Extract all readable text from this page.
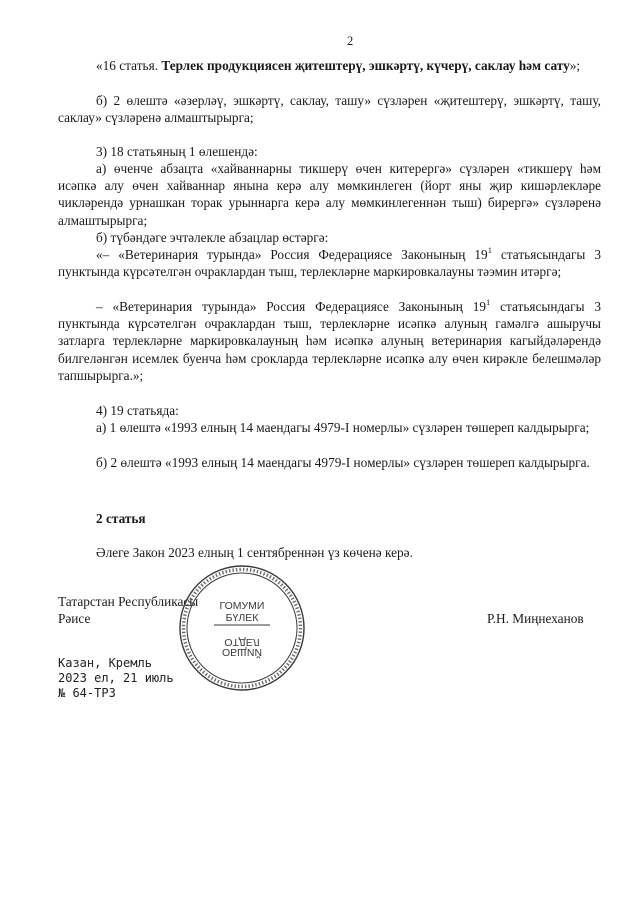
2

«16 статья. Терлек продукциясен җитештерү, эшкәртү, күчерү, саклау һәм сату»;

б) 2 өлештә «әзерләү, эшкәртү, саклау, ташу» сүзләрен «җитештерү, эшкәртү, ташу, саклау» сүзләренә алмаштырырга;

3) 18 статьяның 1 өлешендә:

а) өченче абзацта «хайваннарны тикшерү өчен китерергә» сүзләрен «тикшерү һәм исәпкә алу өчен хайваннар янына керә алу мөмкинлеген (йорт яны җир кишәрлекләре чикләрендә урнашкан торак урыннарга керә алу мөмкинлегеннән тыш) бирергә» сүзләренә алмаштырырга;

б) түбәндәге эчтәлекле абзацлар өстәргә:

«– «Ветеринария турында» Россия Федерациясе Законының $19^1$ статьясындагы 3 пунктында күрсәтелгән очраклардан тыш, терлекләрне маркировкалауны тәэмин итәргә;

– «Ветеринария турында» Россия Федерациясе Законының $19^1$ статьясындагы 3 пунктында күрсәтелгән очраклардан тыш, терлекләрне исәпкә алуның гамәлгә ашыручы затларга терлекләрне маркировкалауның һәм исәпкә алуның ветеринария кагыйдәләрендә билгеләнгән исемлек буенча һәм срокларда терлекләрне исәпкә алу өчен кирәкле белешмәләр тапшырырга.»;

4) 19 статьяда:

а) 1 өлештә «1993 елның 14 маендагы 4979-I номерлы» сүзләрен төшереп калдырырга;

б) 2 өлештә «1993 елның 14 маендагы 4979-I номерлы» сүзләрен төшереп калдырырга.

2 статья

Әлеге Закон 2023 елның 1 сентябреннән үз көченә керә.

Татарстан Республикасы
Рәисе	Р.Н. Миңнеханов
Казан, Кремль
2023 ел, 21 июль
№ 64-ТРЗ
ГОМУМИ
БҮЛЕК
ОТДЕЛ
ОБЩИЙ
